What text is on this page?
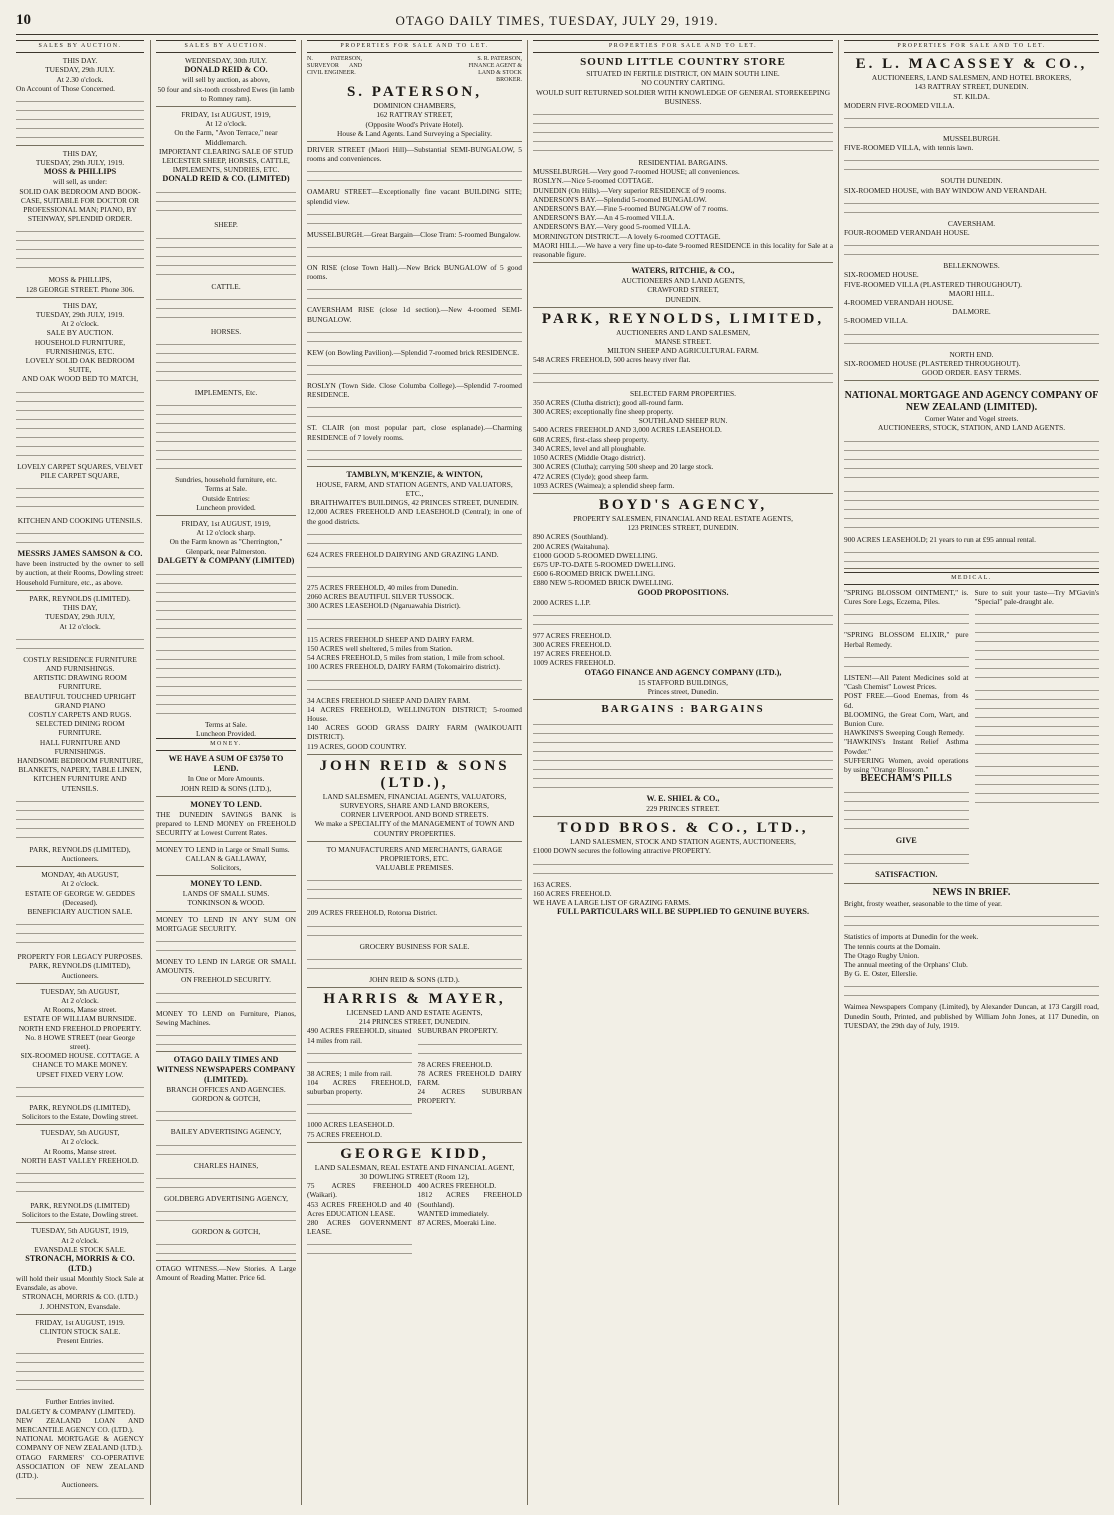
10	OTAGO DAILY TIMES, TUESDAY, JULY 29, 1919.
SALES BY AUCTION.
THIS DAY.
TUESDAY, 29th JULY.
At 2.30 o'clock.
On Account of Those Concerned.
THIS DAY,
TUESDAY, 29th JULY, 1919.
MOSS & PHILLIPS
will sell, as under:
SOLID OAK BEDROOM AND BOOK-CASE, SUITABLE FOR DOCTOR OR PROFESSIONAL MAN; PIANO, BY STEINWAY, SPLENDID ORDER.
MOSS & PHILLIPS,
128 GEORGE STREET. Phone 306.
THIS DAY,
TUESDAY, 29th JULY, 1919.
At 2 o'clock.
SALE BY AUCTION.
HOUSEHOLD FURNITURE, FURNISHINGS, ETC.
LOVELY SOLID OAK BEDROOM SUITE,
AND OAK WOOD BED TO MATCH,
LOVELY CARPET SQUARES, VELVET PILE CARPET SQUARE,
KITCHEN AND COOKING UTENSILS.
MESSRS JAMES SAMSON & CO.
have been instructed by the owner to sell by auction, at their Rooms, Dowling street:
Household Furniture, etc., as above.
PARK, REYNOLDS (LIMITED).
THIS DAY,
TUESDAY, 29th JULY,
At 12 o'clock.
COSTLY RESIDENCE FURNITURE AND FURNISHINGS.
ARTISTIC DRAWING ROOM FURNITURE.
BEAUTIFUL TOUCHED UPRIGHT GRAND PIANO
COSTLY CARPETS AND RUGS.
SELECTED DINING ROOM FURNITURE.
HALL FURNITURE AND FURNISHINGS.
HANDSOME BEDROOM FURNITURE, BLANKETS, NAPERY, TABLE LINEN, KITCHEN FURNITURE AND UTENSILS.
PARK, REYNOLDS (LIMITED), Auctioneers.
MONDAY, 4th AUGUST,
At 2 o'clock.
ESTATE OF GEORGE W. GEDDES (Deceased).
BENEFICIARY AUCTION SALE.
PROPERTY FOR LEGACY PURPOSES.
PARK, REYNOLDS (LIMITED), Auctioneers.
TUESDAY, 5th AUGUST,
At 2 o'clock.
At Rooms, Manse street.
ESTATE OF WILLIAM BURNSIDE.
NORTH END FREEHOLD PROPERTY.
No. 8 HOWE STREET (near George street).
SIX-ROOMED HOUSE. COTTAGE. A CHANCE TO MAKE MONEY.
UPSET FIXED VERY LOW.
PARK, REYNOLDS (LIMITED),
Solicitors to the Estate, Dowling street.
TUESDAY, 5th AUGUST,
At 2 o'clock.
At Rooms, Manse street.
NORTH EAST VALLEY FREEHOLD.
PARK, REYNOLDS (LIMITED)
Solicitors to the Estate, Dowling street.
TUESDAY, 5th AUGUST, 1919,
At 2 o'clock.
EVANSDALE STOCK SALE.
STRONACH, MORRIS & CO. (LTD.)
will hold their usual Monthly Stock Sale at Evansdale, as above.
STRONACH, MORRIS & CO. (LTD.)
J. JOHNSTON, Evansdale.
FRIDAY, 1st AUGUST, 1919.
CLINTON STOCK SALE.
Present Entries.
Further Entries invited.
DALGETY & COMPANY (LIMITED).
NEW ZEALAND LOAN AND MERCANTILE AGENCY CO. (LTD.).
NATIONAL MORTGAGE & AGENCY COMPANY OF NEW ZEALAND (LTD.).
OTAGO FARMERS' CO-OPERATIVE ASSOCIATION OF NEW ZEALAND (LTD.).
Auctioneers.
SALES BY AUCTION.
WEDNESDAY, 30th JULY.
DONALD REID & CO.
will sell by auction, as above,
50 four and six-tooth crossbred Ewes (in lamb to Romney ram).
FRIDAY, 1st AUGUST, 1919,
At 12 o'clock.
On the Farm, "Avon Terrace," near Middlemarch.
IMPORTANT CLEARING SALE OF STUD LEICESTER SHEEP, HORSES, CATTLE, IMPLEMENTS, SUNDRIES, ETC.
DONALD REID & CO. (LIMITED)
SHEEP.
CATTLE.
HORSES.
IMPLEMENTS, Etc.
Sundries, household furniture, etc.
Terms at Sale.
Outside Entries:
Luncheon provided.
FRIDAY, 1st AUGUST, 1919,
At 12 o'clock sharp.
On the Farm known as "Cherrington," Glenpark, near Palmerston.
DALGETY & COMPANY (LIMITED)
Terms at Sale.
Luncheon Provided.
MONEY.
WE HAVE A SUM OF £3750 TO LEND.
In One or More Amounts.
JOHN REID & SONS (LTD.),
MONEY TO LEND.
THE DUNEDIN SAVINGS BANK is prepared to LEND MONEY on FREEHOLD SECURITY at Lowest Current Rates.
MONEY TO LEND in Large or Small Sums.
CALLAN & GALLAWAY,
Solicitors,
MONEY TO LEND.
LANDS OF SMALL SUMS.
TONKINSON & WOOD.
MONEY TO LEND IN ANY SUM ON MORTGAGE SECURITY.
MONEY TO LEND IN LARGE OR SMALL AMOUNTS.
ON FREEHOLD SECURITY.
MONEY TO LEND on Furniture, Pianos, Sewing Machines.
OTAGO DAILY TIMES AND WITNESS NEWSPAPERS COMPANY (LIMITED).
BRANCH OFFICES AND AGENCIES.
GORDON & GOTCH,
BAILEY ADVERTISING AGENCY,
CHARLES HAINES,
GOLDBERG ADVERTISING AGENCY,
GORDON & GOTCH,
OTAGO WITNESS.—New Stories. A Large Amount of Reading Matter. Price 6d.
PROPERTIES FOR SALE AND TO LET.
N. PATERSON, SURVEYOR AND CIVIL ENGINEER.
S. R. PATERSON, FINANCE AGENT & LAND & STOCK BROKER.
S. PATERSON,
DOMINION CHAMBERS,
162 RATTRAY STREET,
(Opposite Wood's Private Hotel).
House & Land Agents. Land Surveying a Speciality.
DRIVER STREET (Maori Hill)—Substantial SEMI-BUNGALOW, 5 rooms and conveniences.
OAMARU STREET—Exceptionally fine vacant BUILDING SITE; splendid view.
MUSSELBURGH.—Great Bargain—Close Tram: 5-roomed Bungalow.
ON RISE (close Town Hall).—New Brick BUNGALOW of 5 good rooms.
CAVERSHAM RISE (close 1d section).—New 4-roomed SEMI-BUNGALOW.
KEW (on Bowling Pavilion).—Splendid 7-roomed brick RESIDENCE.
ROSLYN (Town Side. Close Columba College).—Splendid 7-roomed RESIDENCE.
ST. CLAIR (on most popular part, close esplanade).—Charming RESIDENCE of 7 lovely rooms.
TAMBLYN, M'KENZIE, & WINTON,
HOUSE, FARM, AND STATION AGENTS, AND VALUATORS, ETC.,
BRAITHWAITE'S BUILDINGS, 42 PRINCES STREET, DUNEDIN.
12,000 ACRES FREEHOLD AND LEASEHOLD (Central); in one of the good districts.
624 ACRES FREEHOLD DAIRYING AND GRAZING LAND.
275 ACRES FREEHOLD, 40 miles from Dunedin.
2060 ACRES BEAUTIFUL SILVER TUSSOCK.
300 ACRES LEASEHOLD (Ngaruawahia District).
115 ACRES FREEHOLD SHEEP AND DAIRY FARM.
150 ACRES well sheltered, 5 miles from Station.
54 ACRES FREEHOLD, 5 miles from station, 1 mile from school.
100 ACRES FREEHOLD, DAIRY FARM (Tokomairiro district).
34 ACRES FREEHOLD SHEEP AND DAIRY FARM.
14 ACRES FREEHOLD, WELLINGTON DISTRICT; 5-roomed House.
140 ACRES GOOD GRASS DAIRY FARM (WAIKOUAITI DISTRICT).
119 ACRES, GOOD COUNTRY.
JOHN REID & SONS (LTD.),
LAND SALESMEN, FINANCIAL AGENTS, VALUATORS, SURVEYORS, SHARE AND LAND BROKERS,
CORNER LIVERPOOL AND BOND STREETS.
We make a SPECIALITY of the MANAGEMENT of TOWN AND COUNTRY PROPERTIES.
TO MANUFACTURERS AND MERCHANTS, GARAGE PROPRIETORS, ETC.
VALUABLE PREMISES.
209 ACRES FREEHOLD, Rotorua District.
GROCERY BUSINESS FOR SALE.
JOHN REID & SONS (LTD.).
HARRIS & MAYER,
LICENSED LAND AND ESTATE AGENTS,
214 PRINCES STREET, DUNEDIN.
490 ACRES FREEHOLD, situated 14 miles from rail.
38 ACRES; 1 mile from rail.
104 ACRES FREEHOLD, suburban property.
1000 ACRES LEASEHOLD.
75 ACRES FREEHOLD.
SUBURBAN PROPERTY.
78 ACRES FREEHOLD.
78 ACRES FREEHOLD DAIRY FARM.
24 ACRES SUBURBAN PROPERTY.
GEORGE KIDD,
LAND SALESMAN, REAL ESTATE AND FINANCIAL AGENT,
30 DOWLING STREET (Room 12),
75 ACRES FREEHOLD (Waikari).
453 ACRES FREEHOLD and 40 Acres EDUCATION LEASE.
280 ACRES GOVERNMENT LEASE.
400 ACRES FREEHOLD.
1812 ACRES FREEHOLD (Southland).
WANTED immediately.
87 ACRES, Moeraki Line.
PROPERTIES FOR SALE AND TO LET.
SOUND LITTLE COUNTRY STORE
SITUATED IN FERTILE DISTRICT, ON MAIN SOUTH LINE.
NO COUNTRY CARTING.
WOULD SUIT RETURNED SOLDIER WITH KNOWLEDGE OF GENERAL STOREKEEPING BUSINESS.
RESIDENTIAL BARGAINS.
MUSSELBURGH.—Very good 7-roomed HOUSE; all conveniences.
ROSLYN.—Nice 5-roomed COTTAGE.
DUNEDIN (On Hills).—Very superior RESIDENCE of 9 rooms.
ANDERSON'S BAY.—Splendid 5-roomed BUNGALOW.
ANDERSON'S BAY.—Fine 5-roomed BUNGALOW of 7 rooms.
ANDERSON'S BAY.—An 4 5-roomed VILLA.
ANDERSON'S BAY.—Very good 5-roomed VILLA.
MORNINGTON DISTRICT.—A lovely 6-roomed COTTAGE.
MAORI HILL.—We have a very fine up-to-date 9-roomed RESIDENCE in this locality for Sale at a reasonable figure.
WATERS, RITCHIE, & CO.,
AUCTIONEERS AND LAND AGENTS,
CRAWFORD STREET,
DUNEDIN.
PARK, REYNOLDS, LIMITED,
AUCTIONEERS AND LAND SALESMEN,
MANSE STREET.
MILTON SHEEP AND AGRICULTURAL FARM.
548 ACRES FREEHOLD, 500 acres heavy river flat.
SELECTED FARM PROPERTIES.
350 ACRES (Clutha district); good all-round farm.
300 ACRES; exceptionally fine sheep property.
SOUTHLAND SHEEP RUN.
5400 ACRES FREEHOLD AND 3,000 ACRES LEASEHOLD.
608 ACRES, first-class sheep property.
340 ACRES, level and all ploughable.
1050 ACRES (Middle Otago district).
300 ACRES (Clutha); carrying 500 sheep and 20 large stock.
472 ACRES (Clyde); good sheep farm.
1093 ACRES (Waimea); a splendid sheep farm.
BOYD'S AGENCY,
PROPERTY SALESMEN, FINANCIAL AND REAL ESTATE AGENTS,
123 PRINCES STREET, DUNEDIN.
890 ACRES (Southland).
200 ACRES (Waitahuna).
£1000 GOOD 5-ROOMED DWELLING.
£675 UP-TO-DATE 5-ROOMED DWELLING.
£600 6-ROOMED BRICK DWELLING.
£880 NEW 5-ROOMED BRICK DWELLING.
GOOD PROPOSITIONS.
2000 ACRES L.I.P.
977 ACRES FREEHOLD.
300 ACRES FREEHOLD.
197 ACRES FREEHOLD.
1009 ACRES FREEHOLD.
OTAGO FINANCE AND AGENCY COMPANY (LTD.),
15 STAFFORD BUILDINGS,
Princes street, Dunedin.
BARGAINS : BARGAINS
W. E. SHIEL & CO.,
229 PRINCES STREET.
TODD BROS. & CO., LTD.,
LAND SALESMEN, STOCK AND STATION AGENTS, AUCTIONEERS,
£1000 DOWN secures the following attractive PROPERTY.
163 ACRES.
160 ACRES FREEHOLD.
WE HAVE A LARGE LIST OF GRAZING FARMS.
FULL PARTICULARS WILL BE SUPPLIED TO GENUINE BUYERS.
PROPERTIES FOR SALE AND TO LET.
E. L. MACASSEY & CO.,
AUCTIONEERS, LAND SALESMEN, AND HOTEL BROKERS,
143 RATTRAY STREET, DUNEDIN.
ST. KILDA.
MODERN FIVE-ROOMED VILLA.
MUSSELBURGH.
FIVE-ROOMED VILLA, with tennis lawn.
SOUTH DUNEDIN.
SIX-ROOMED HOUSE, with BAY WINDOW AND VERANDAH.
CAVERSHAM.
FOUR-ROOMED VERANDAH HOUSE.
BELLEKNOWES.
SIX-ROOMED HOUSE.
FIVE-ROOMED VILLA (PLASTERED THROUGHOUT).
MAORI HILL.
4-ROOMED VERANDAH HOUSE.
DALMORE.
5-ROOMED VILLA.
NORTH END.
SIX-ROOMED HOUSE (PLASTERED THROUGHOUT).
GOOD ORDER. EASY TERMS.
NATIONAL MORTGAGE AND AGENCY COMPANY OF NEW ZEALAND (LIMITED).
Corner Water and Vogel streets.
AUCTIONEERS, STOCK, STATION, AND LAND AGENTS.
900 ACRES LEASEHOLD; 21 years to run at £95 annual rental.
MEDICAL.
"SPRING BLOSSOM OINTMENT," is. Cures Sore Legs, Eczema, Piles.
"SPRING BLOSSOM ELIXIR," pure Herbal Remedy.
LISTEN!—All Patent Medicines sold at "Cash Chemist" Lowest Prices.
POST FREE.—Good Enemas, from 4s 6d.
BLOOMING, the Great Corn, Wart, and Bunion Cure.
HAWKINS'S Sweeping Cough Remedy.
"HAWKINS's Instant Relief Asthma Powder."
SUFFERING Women, avoid operations by using "Orange Blossom."
BEECHAM'S PILLS
GIVE
SATISFACTION.
Sure to suit your taste—Try M'Gavin's "Special" pale-draught ale.
NEWS IN BRIEF.
Bright, frosty weather, seasonable to the time of year.
Statistics of imports at Dunedin for the week.
The tennis courts at the Domain.
The Otago Rugby Union.
The annual meeting of the Orphans' Club.
By G. E. Oster, Ellerslie.
Waimea Newspapers Company (Limited), by Alexander Duncan, at 173 Cargill road, Dunedin South, Printed, and published by William John Jones, at 117 Dunedin, on TUESDAY, the 29th day of July, 1919.
